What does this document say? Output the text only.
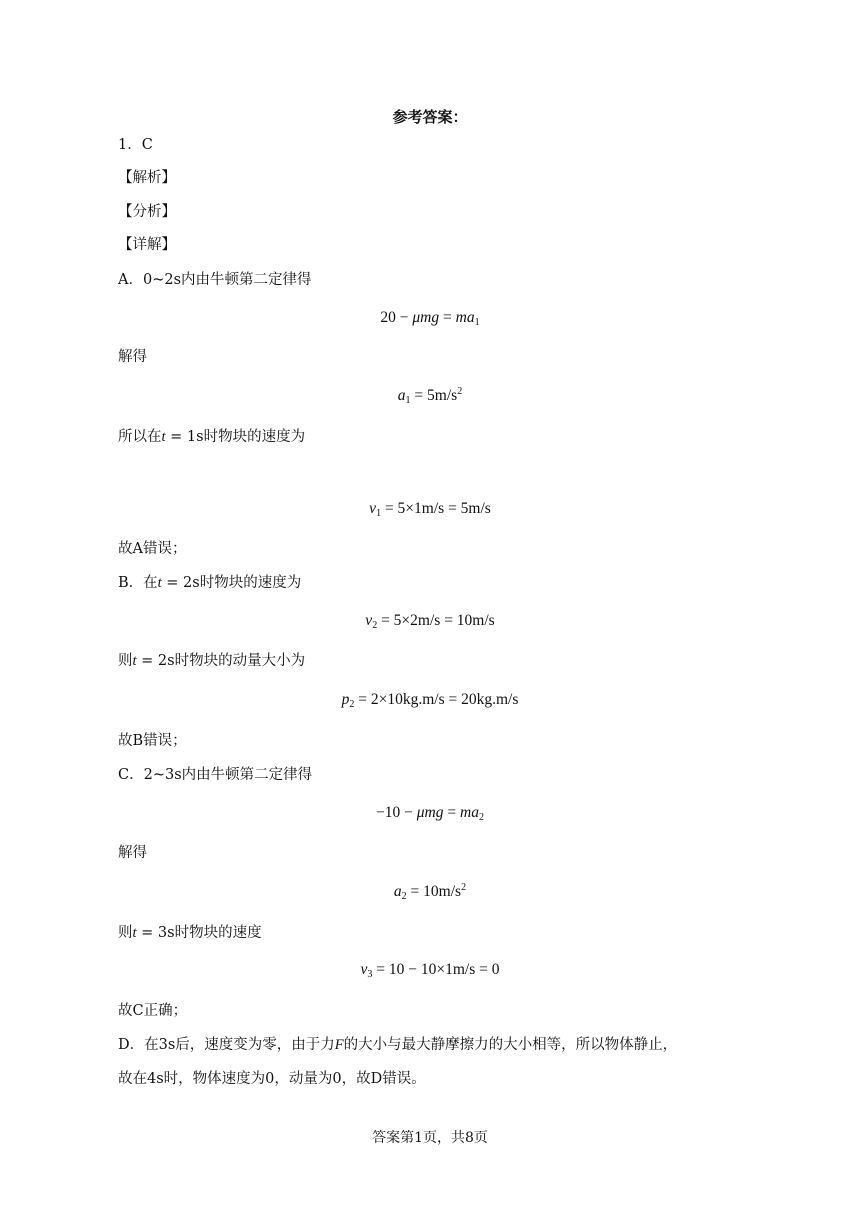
参考答案：
1．C
【解析】
【分析】
【详解】
A．0~2s内由牛顿第二定律得
$20 - \mu mg = ma_1$
解得
$a_1 = 5m/s^2$
所以在t = 1s时物块的速度为
$v_1 = 5\times 1m/s = 5m/s$
故A错误；
B．在t = 2s时物块的速度为
$v_2 = 5\times 2m/s = 10m/s$
则t = 2s时物块的动量大小为
$p_2 = 2\times 10kg.m/s = 20kg.m/s$
故B错误；
C．2~3s内由牛顿第二定律得
$-10 - \mu mg = ma_2$
解得
$a_2 = 10m/s^2$
则t = 3s时物块的速度
$v_3 = 10 - 10\times 1m/s = 0$
故C正确；
D．在3s后，速度变为零，由于力F的大小与最大静摩擦力的大小相等，所以物体静止，
故在4s时，物体速度为0，动量为0，故D错误。
答案第1页，共8页
